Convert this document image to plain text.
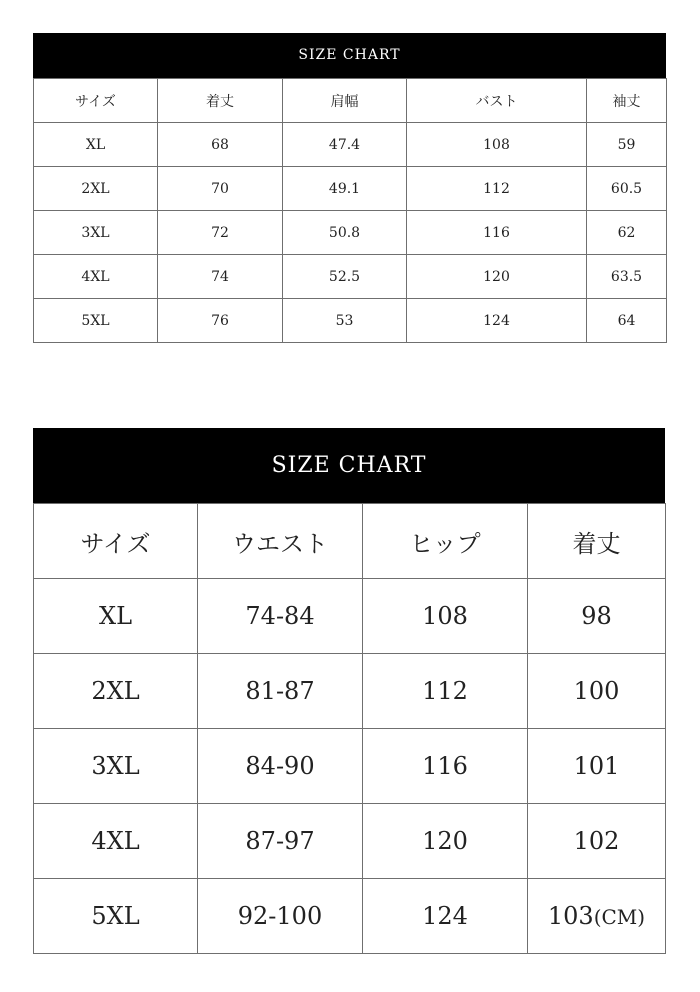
SIZE CHART
サイズ	着丈	肩幅	バスト	袖丈
XL	68	47.4	108	59
2XL	70	49.1	112	60.5
3XL	72	50.8	116	62
4XL	74	52.5	120	63.5
5XL	76	53	124	64
SIZE CHART
サイズ	ウエスト	ヒップ	着丈
XL	74-84	108	98
2XL	81-87	112	100
3XL	84-90	116	101
4XL	87-97	120	102
5XL	92-100	124	103(CM)
